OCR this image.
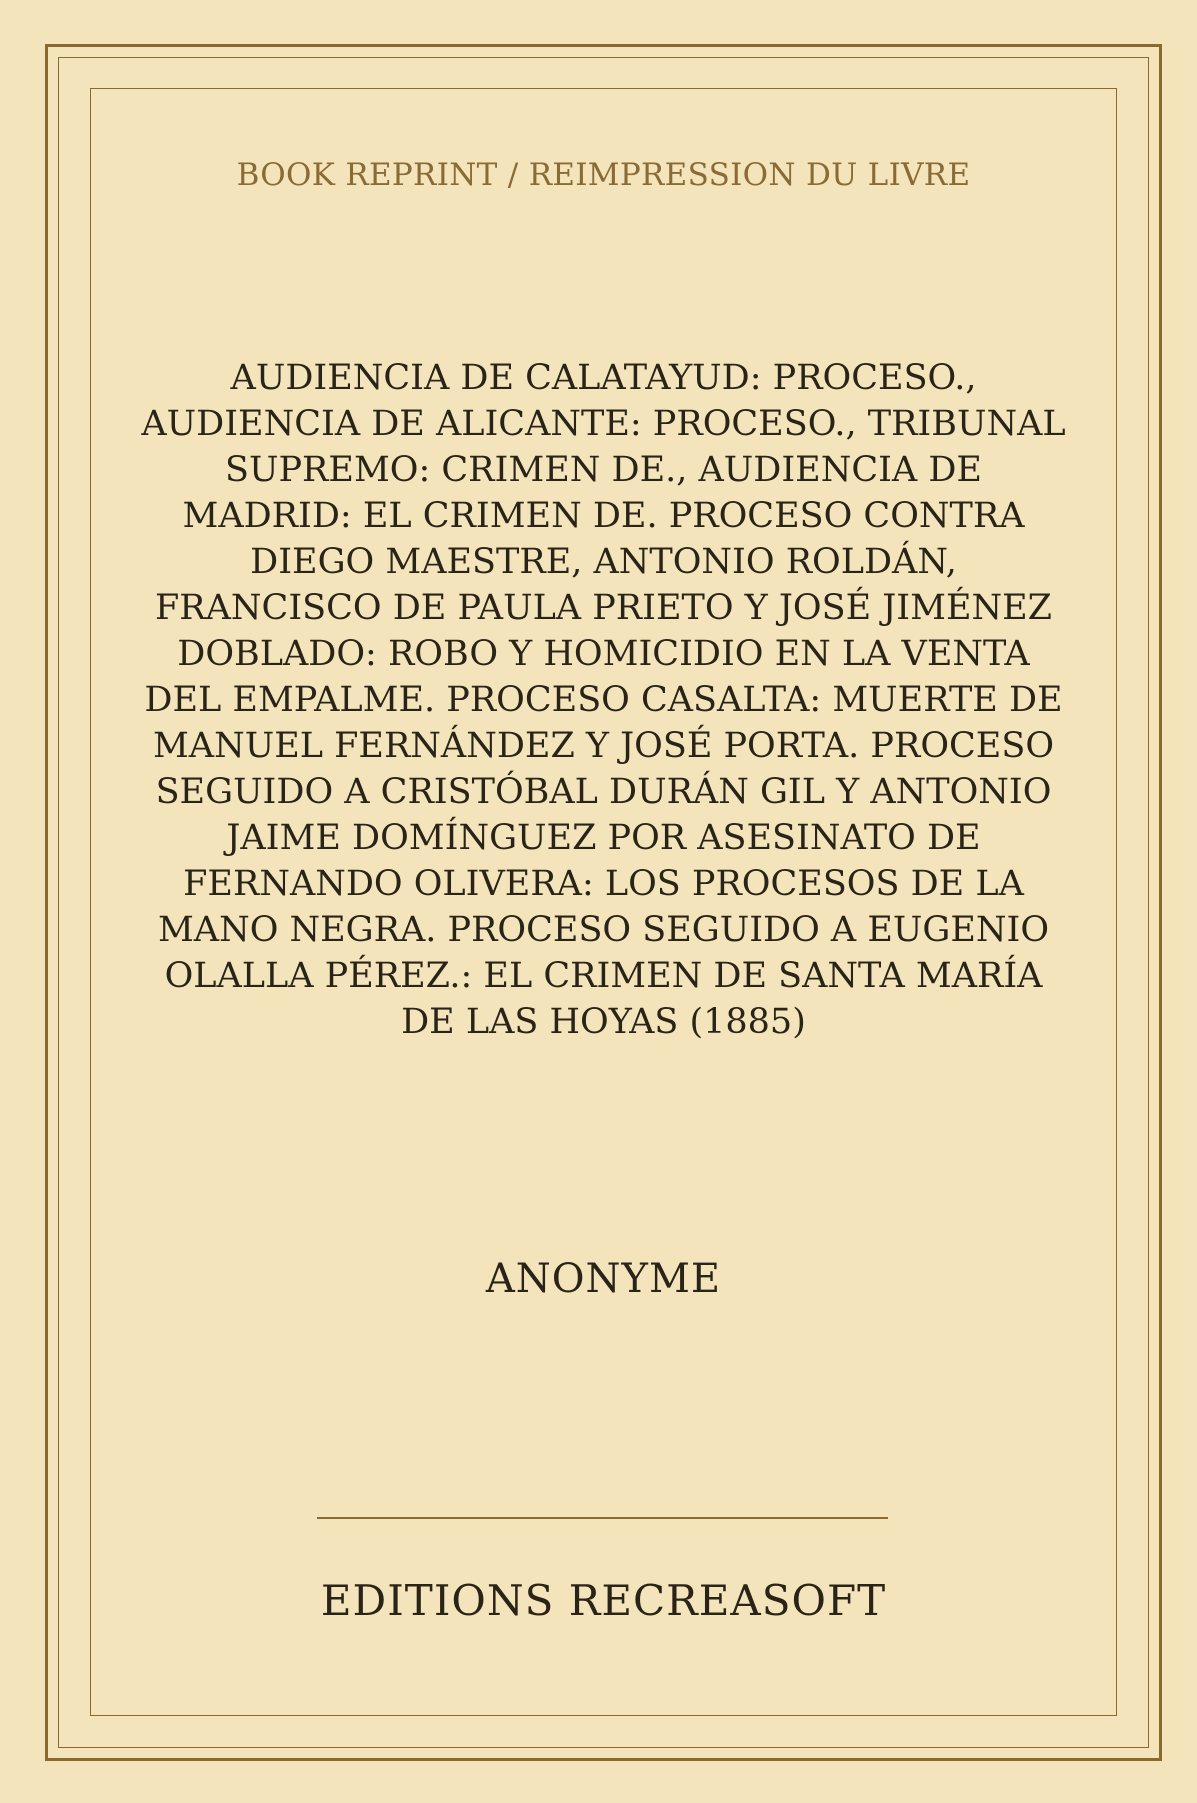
BOOK REPRINT / REIMPRESSION DU LIVRE
AUDIENCIA DE CALATAYUD: PROCESO., AUDIENCIA DE ALICANTE: PROCESO., TRIBUNAL SUPREMO: CRIMEN DE., AUDIENCIA DE MADRID: EL CRIMEN DE. PROCESO CONTRA DIEGO MAESTRE, ANTONIO ROLDÁN, FRANCISCO DE PAULA PRIETO Y JOSÉ JIMÉNEZ DOBLADO: ROBO Y HOMICIDIO EN LA VENTA DEL EMPALME. PROCESO CASALTA: MUERTE DE MANUEL FERNÁNDEZ Y JOSÉ PORTA. PROCESO SEGUIDO A CRISTÓBAL DURÁN GIL Y ANTONIO JAIME DOMÍNGUEZ POR ASESINATO DE FERNANDO OLIVERA: LOS PROCESOS DE LA MANO NEGRA. PROCESO SEGUIDO A EUGENIO OLALLA PÉREZ.: EL CRIMEN DE SANTA MARÍA DE LAS HOYAS (1885)
ANONYME
EDITIONS RECREASOFT
